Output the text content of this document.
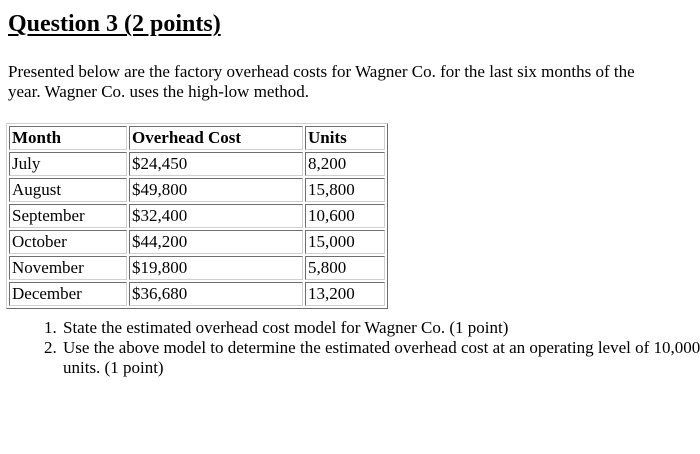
Question 3 (2 points)

Presented below are the factory overhead costs for Wagner Co. for the last six months of the year. Wagner Co. uses the high-low method.

Month	Overhead Cost	Units
July	$24,450	8,200
August	$49,800	15,800
September	$32,400	10,600
October	$44,200	15,000
November	$19,800	5,800
December	$36,680	13,200
1. State the estimated overhead cost model for Wagner Co. (1 point)
2. Use the above model to determine the estimated overhead cost at an operating level of 10,000 units. (1 point)
